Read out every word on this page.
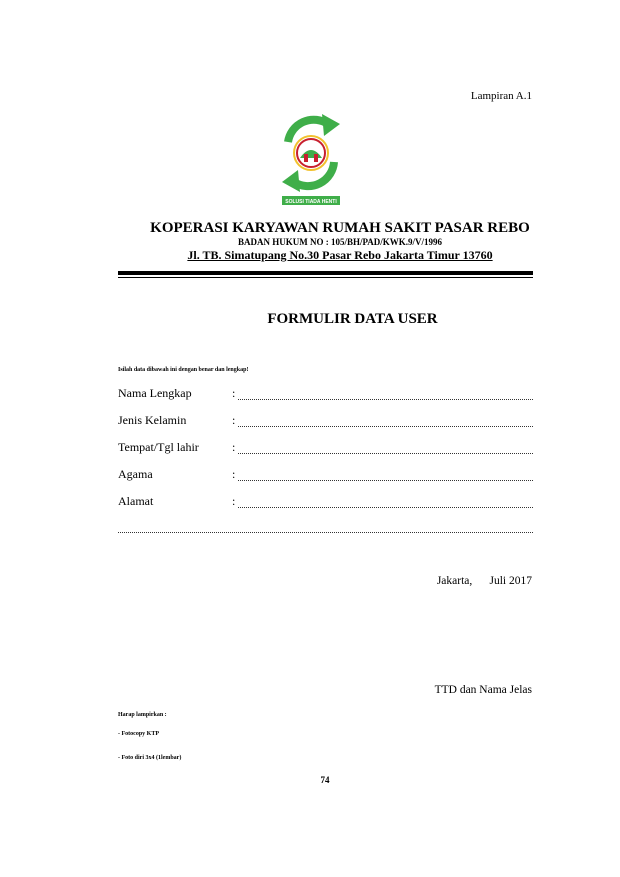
Lampiran A.1
SOLUSI TIADA HENTI
KOPERASI KARYAWAN RUMAH SAKIT PASAR REBO
BADAN HUKUM NO : 105/BH/PAD/KWK.9/V/1996
Jl. TB. Simatupang No.30 Pasar Rebo Jakarta Timur 13760
FORMULIR DATA USER
Isilah data dibawah ini dengan benar dan lengkap!
Nama Lengkap	:
Jenis Kelamin	:
Tempat/Tgl lahir	:
Agama	:
Alamat	:
Jakarta,      Juli 2017
TTD dan Nama Jelas
Harap lampirkan :
- Fotocopy KTP
- Foto diri 3x4 (1lembar)
74
